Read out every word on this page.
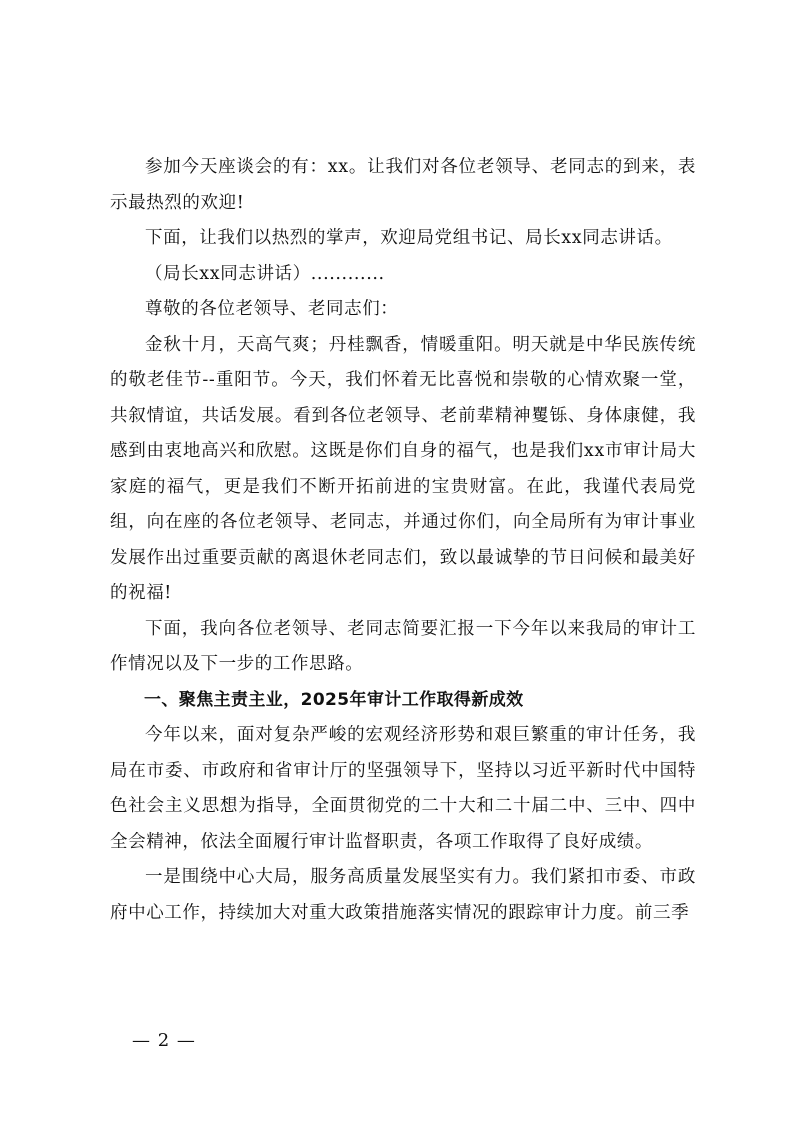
参加今天座谈会的有：xx。让我们对各位老领导、老同志的到来，表示最热烈的欢迎!

下面，让我们以热烈的掌声，欢迎局党组书记、局长xx同志讲话。

（局长xx同志讲话）............

尊敬的各位老领导、老同志们：

金秋十月，天高气爽；丹桂飘香，情暖重阳。明天就是中华民族传统的敬老佳节--重阳节。今天，我们怀着无比喜悦和崇敬的心情欢聚一堂，共叙情谊，共话发展。看到各位老领导、老前辈精神矍铄、身体康健，我感到由衷地高兴和欣慰。这既是你们自身的福气，也是我们xx市审计局大家庭的福气，更是我们不断开拓前进的宝贵财富。在此，我谨代表局党组，向在座的各位老领导、老同志，并通过你们，向全局所有为审计事业发展作出过重要贡献的离退休老同志们，致以最诚挚的节日问候和最美好的祝福!

下面，我向各位老领导、老同志简要汇报一下今年以来我局的审计工作情况以及下一步的工作思路。

一、聚焦主责主业，2025年审计工作取得新成效

今年以来，面对复杂严峻的宏观经济形势和艰巨繁重的审计任务，我局在市委、市政府和省审计厅的坚强领导下，坚持以习近平新时代中国特色社会主义思想为指导，全面贯彻党的二十大和二十届二中、三中、四中全会精神，依法全面履行审计监督职责，各项工作取得了良好成绩。

一是围绕中心大局，服务高质量发展坚实有力。我们紧扣市委、市政府中心工作，持续加大对重大政策措施落实情况的跟踪审计力度。前三季

— 2 —
